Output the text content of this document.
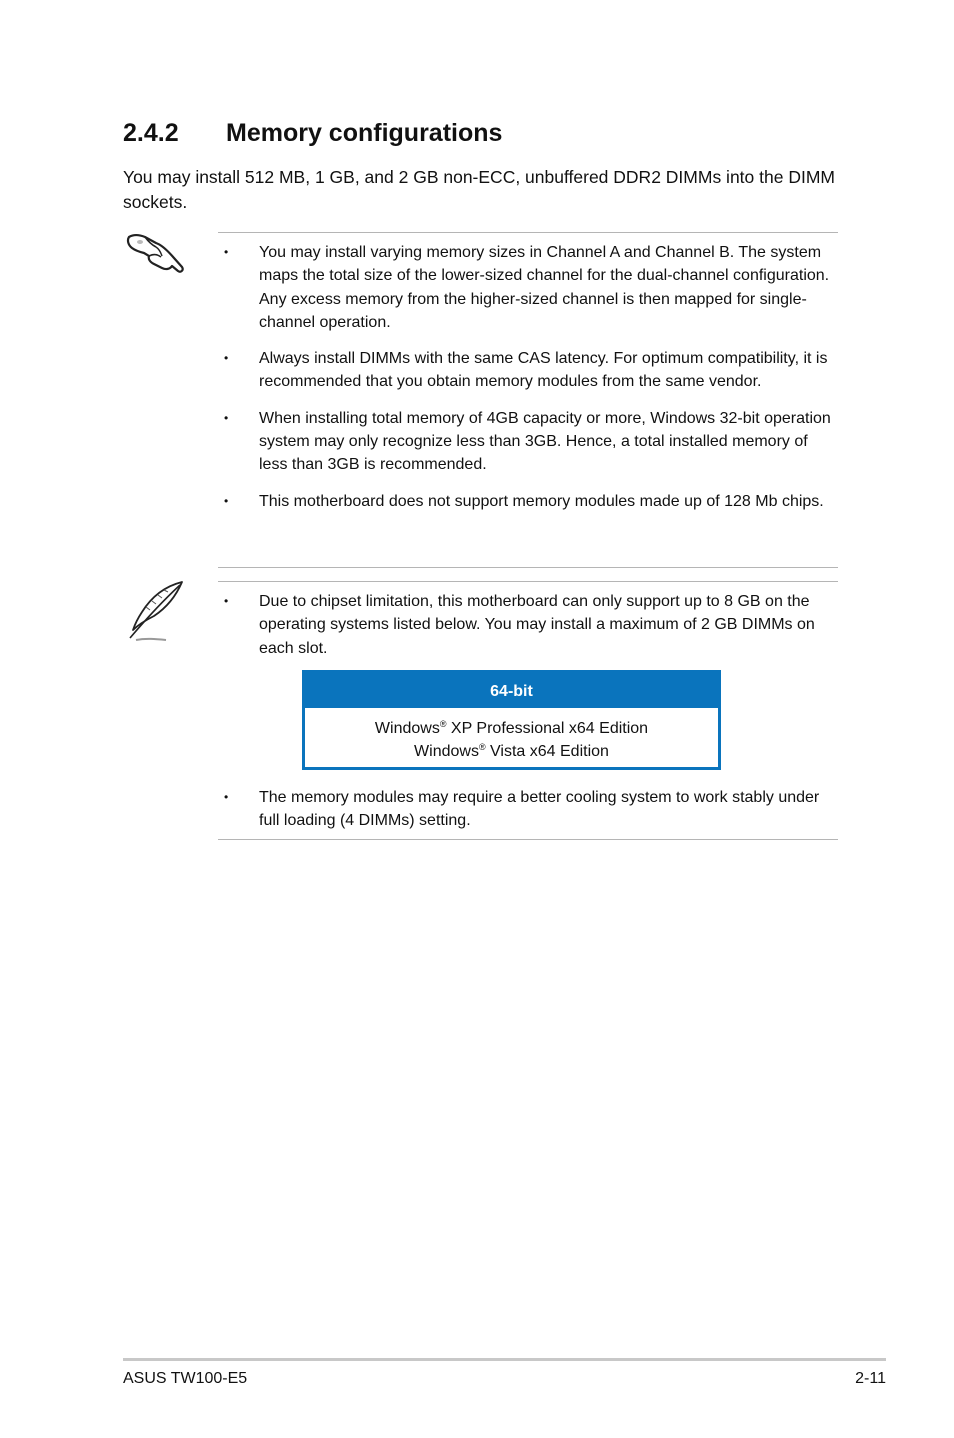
2.4.2	Memory configurations

You may install 512 MB, 1 GB, and 2 GB non-ECC, unbuffered DDR2 DIMMs into the DIMM sockets.

• You may install varying memory sizes in Channel A and Channel B. The system maps the total size of the lower-sized channel for the dual-channel configuration. Any excess memory from the higher-sized channel is then mapped for single-channel operation.
• Always install DIMMs with the same CAS latency. For optimum compatibility, it is recommended that you obtain memory modules from the same vendor.
• When installing total memory of 4GB capacity or more, Windows 32-bit operation system may only recognize less than 3GB. Hence, a total installed memory of less than 3GB is recommended.
• This motherboard does not support memory modules made up of 128 Mb chips.
• Due to chipset limitation, this motherboard can only support up to 8 GB on the operating systems listed below. You may install a maximum of 2 GB DIMMs on each slot.
64-bit
Windows® XP Professional x64 Edition
Windows® Vista x64 Edition
• The memory modules may require a better cooling system to work stably under full loading (4 DIMMs) setting.
ASUS TW100-E5	2-11
